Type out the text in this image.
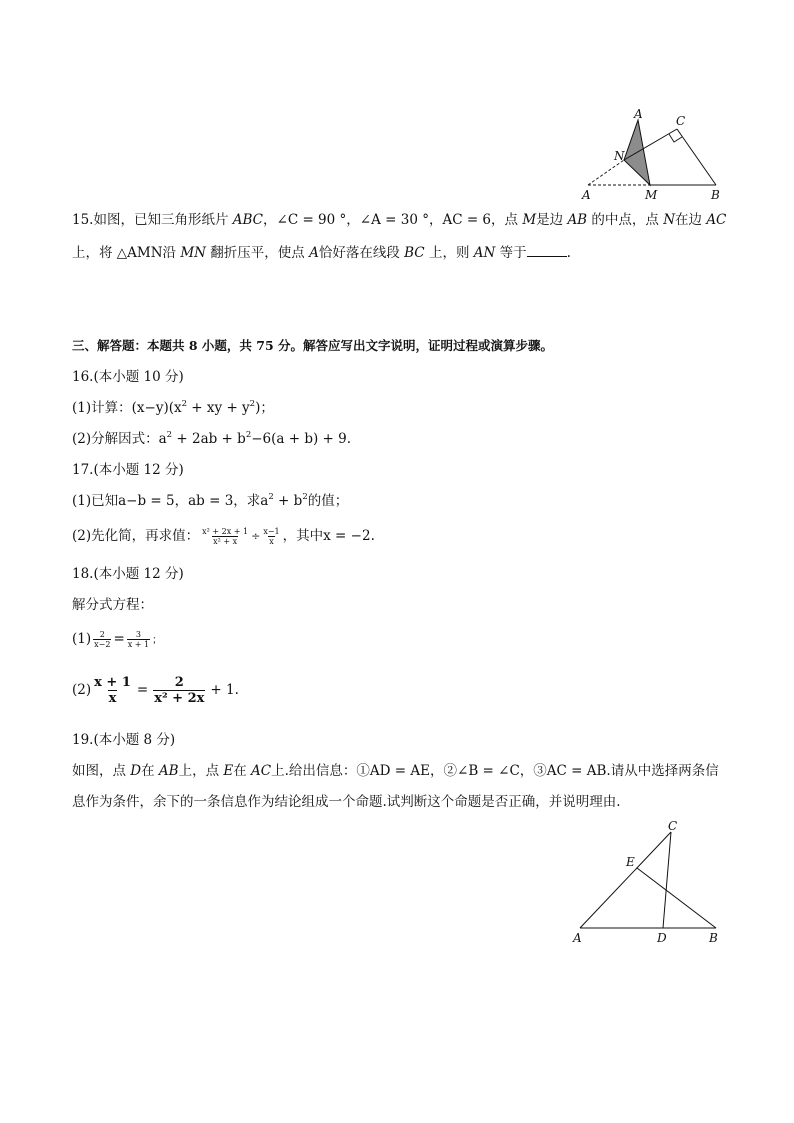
A	C
N
A	M	B
15.如图，已知三角形纸片 ABC，∠C = 90 °，∠A = 30 °，AC = 6，点 M是边 AB 的中点，点 N在边 AC
上，将 △AMN沿 MN 翻折压平，使点 A恰好落在线段 BC 上，则 AN 等于	.
三、解答题：本题共 8 小题，共 75 分。解答应写出文字说明，证明过程或演算步骤。
16.(本小题 10 分)
(1)计算：$(x-y)(x^2$ + xy + $y^2$)；
(2)分解因式：$a^2 + 2ab + b^2-6(a + b) + 9$.
17.(本小题 12 分)
(1)已知a−b = 5，ab = 3，求$a^2 + b^2$的值；
(2)先化简，再求值： $\frac{\text{x² + 2x + 1}}{\text{x² + x}} \div \frac{x-1}{x}$ ，其中x = −2.
18.(本小题 12 分)
解分式方程：
$(1) \frac{2}{x-2} = \frac{3}{x + 1}$ ；
$(2) \frac{x + 1}{x} = \frac{2}{\text{x² + 2x}} + 1$.
19.(本小题 8 分)
如图，点 D在 AB上，点 E在 AC上.给出信息：①AD = AE，②∠B = ∠C，③AC = AB.请从中选择两条信
息作为条件，余下的一条信息作为结论组成一个命题.试判断这个命题是否正确，并说明理由.
C
E
A	D	B
